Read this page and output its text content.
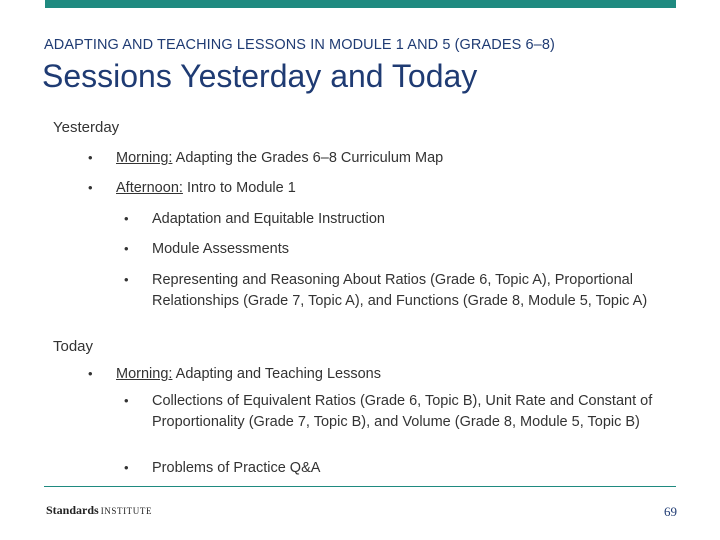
ADAPTING AND TEACHING LESSONS IN MODULE 1 AND 5 (GRADES 6–8)
Sessions Yesterday and Today
Yesterday
• Morning: Adapting the Grades 6–8 Curriculum Map
• Afternoon: Intro to Module 1
• Adaptation and Equitable Instruction
• Module Assessments
• Representing and Reasoning About Ratios (Grade 6, Topic A), Proportional Relationships (Grade 7, Topic A), and Functions (Grade 8, Module 5, Topic A)
Today
• Morning: Adapting and Teaching Lessons
• Collections of Equivalent Ratios (Grade 6, Topic B), Unit Rate and Constant of Proportionality (Grade 7, Topic B), and Volume (Grade 8, Module 5, Topic B)
• Problems of Practice Q&A
Standards INSTITUTE	69
